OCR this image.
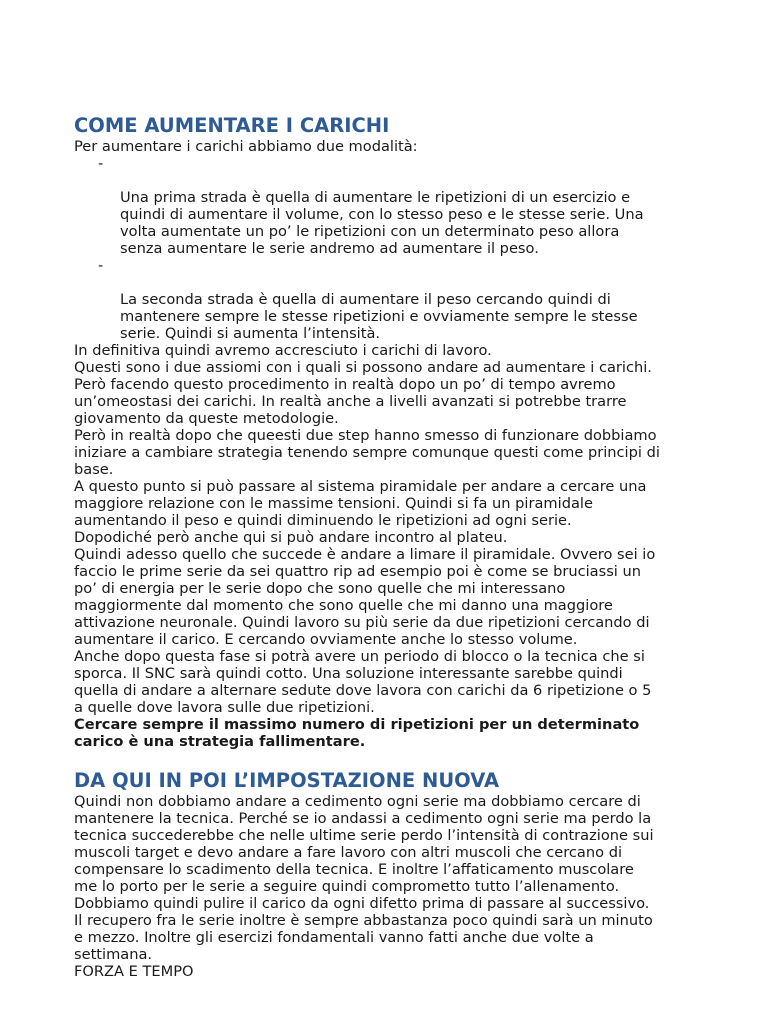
COME AUMENTARE I CARICHI

Per aumentare i carichi abbiamo due modalità:

-

Una prima strada è quella di aumentare le ripetizioni di un esercizio e
quindi di aumentare il volume, con lo stesso peso e le stesse serie. Una
volta aumentate un po’ le ripetizioni con un determinato peso allora
senza aumentare le serie andremo ad aumentare il peso.

-

La seconda strada è quella di aumentare il peso cercando quindi di
mantenere sempre le stesse ripetizioni e ovviamente sempre le stesse
serie. Quindi si aumenta l’intensità.

In definitiva quindi avremo accresciuto i carichi di lavoro.
Questi sono i due assiomi con i quali si possono andare ad aumentare i carichi.
Però facendo questo procedimento in realtà dopo un po’ di tempo avremo
un’omeostasi dei carichi. In realtà anche a livelli avanzati si potrebbe trarre
giovamento da queste metodologie.
Però in realtà dopo che queesti due step hanno smesso di funzionare dobbiamo
iniziare a cambiare strategia tenendo sempre comunque questi come principi di
base.
A questo punto si può passare al sistema piramidale per andare a cercare una
maggiore relazione con le massime tensioni. Quindi si fa un piramidale
aumentando il peso e quindi diminuendo le ripetizioni ad ogni serie.
Dopodiché però anche qui si può andare incontro al plateu.
Quindi adesso quello che succede è andare a limare il piramidale. Ovvero sei io
faccio le prime serie da sei quattro rip ad esempio poi è come se bruciassi un
po’ di energia per le serie dopo che sono quelle che mi interessano
maggiormente dal momento che sono quelle che mi danno una maggiore
attivazione neuronale. Quindi lavoro su più serie da due ripetizioni cercando di
aumentare il carico. E cercando ovviamente anche lo stesso volume.
Anche dopo questa fase si potrà avere un periodo di blocco o la tecnica che si
sporca. Il SNC sarà quindi cotto. Una soluzione interessante sarebbe quindi
quella di andare a alternare sedute dove lavora con carichi da 6 ripetizione o 5
a quelle dove lavora sulle due ripetizioni.

Cercare sempre il massimo numero di ripetizioni per un determinato
carico è una strategia fallimentare.

DA QUI IN POI L’IMPOSTAZIONE NUOVA

Quindi non dobbiamo andare a cedimento ogni serie ma dobbiamo cercare di
mantenere la tecnica. Perché se io andassi a cedimento ogni serie ma perdo la
tecnica succederebbe che nelle ultime serie perdo l’intensità di contrazione sui
muscoli target e devo andare a fare lavoro con altri muscoli che cercano di
compensare lo scadimento della tecnica. E inoltre l’affaticamento muscolare
me lo porto per le serie a seguire quindi comprometto tutto l’allenamento.
Dobbiamo quindi pulire il carico da ogni difetto prima di passare al successivo.
Il recupero fra le serie inoltre è sempre abbastanza poco quindi sarà un minuto
e mezzo. Inoltre gli esercizi fondamentali vanno fatti anche due volte a
settimana.

FORZA E TEMPO
